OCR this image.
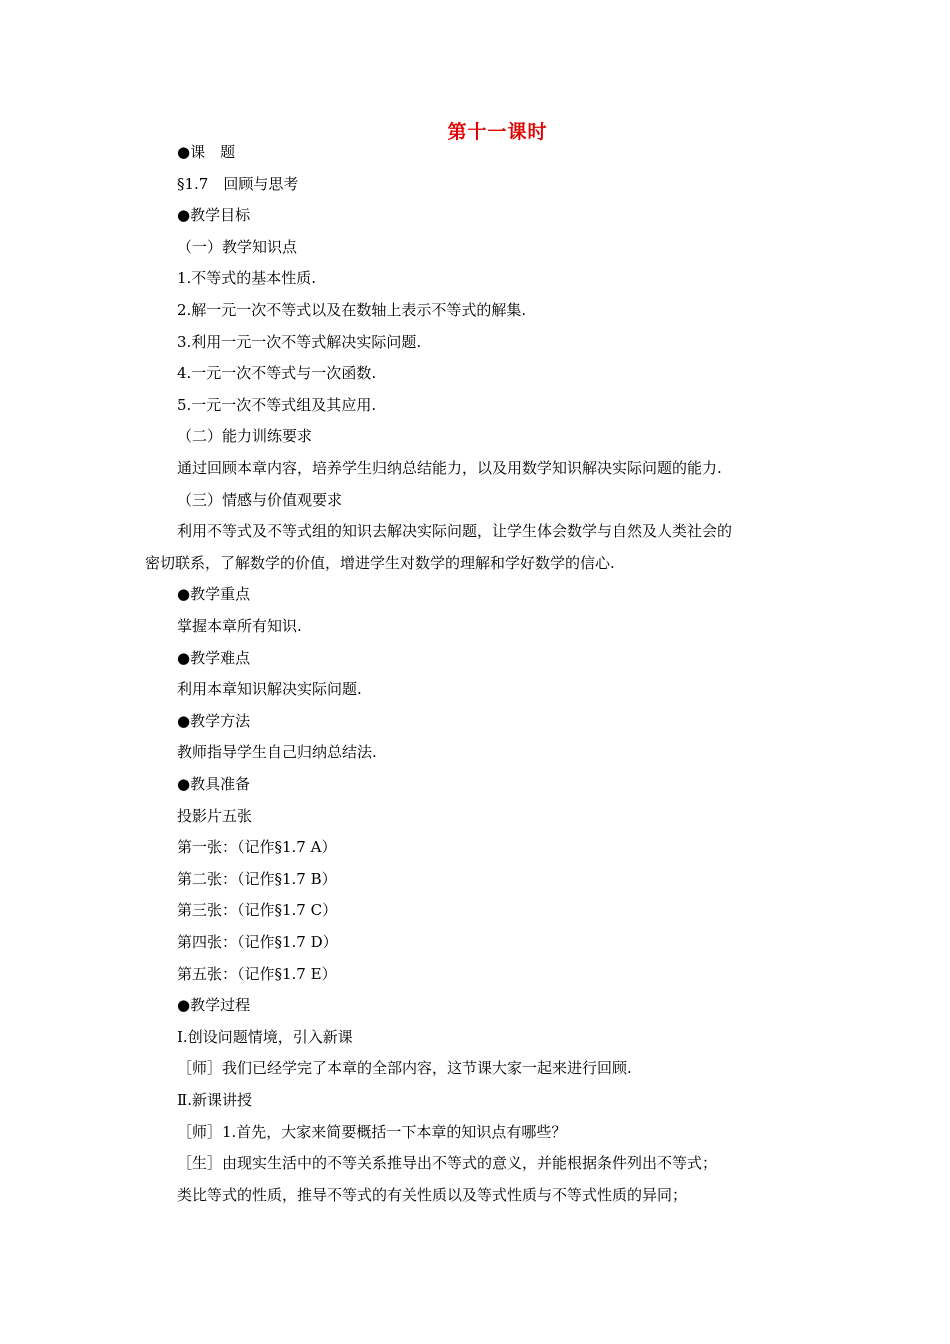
第十一课时
●课　题
§1.7　回顾与思考
●教学目标
（一）教学知识点
1.不等式的基本性质.
2.解一元一次不等式以及在数轴上表示不等式的解集.
3.利用一元一次不等式解决实际问题.
4.一元一次不等式与一次函数.
5.一元一次不等式组及其应用.
（二）能力训练要求
通过回顾本章内容，培养学生归纳总结能力，以及用数学知识解决实际问题的能力.
（三）情感与价值观要求
利用不等式及不等式组的知识去解决实际问题，让学生体会数学与自然及人类社会的
密切联系，了解数学的价值，增进学生对数学的理解和学好数学的信心.
●教学重点
掌握本章所有知识.
●教学难点
利用本章知识解决实际问题.
●教学方法
教师指导学生自己归纳总结法.
●教具准备
投影片五张
第一张：（记作§1.7 A）
第二张：（记作§1.7 B）
第三张：（记作§1.7 C）
第四张：（记作§1.7 D）
第五张：（记作§1.7 E）
●教学过程
Ⅰ.创设问题情境，引入新课
［师］我们已经学完了本章的全部内容，这节课大家一起来进行回顾.
Ⅱ.新课讲授
［师］1.首先，大家来简要概括一下本章的知识点有哪些？
［生］由现实生活中的不等关系推导出不等式的意义，并能根据条件列出不等式；
类比等式的性质，推导不等式的有关性质以及等式性质与不等式性质的异同；
